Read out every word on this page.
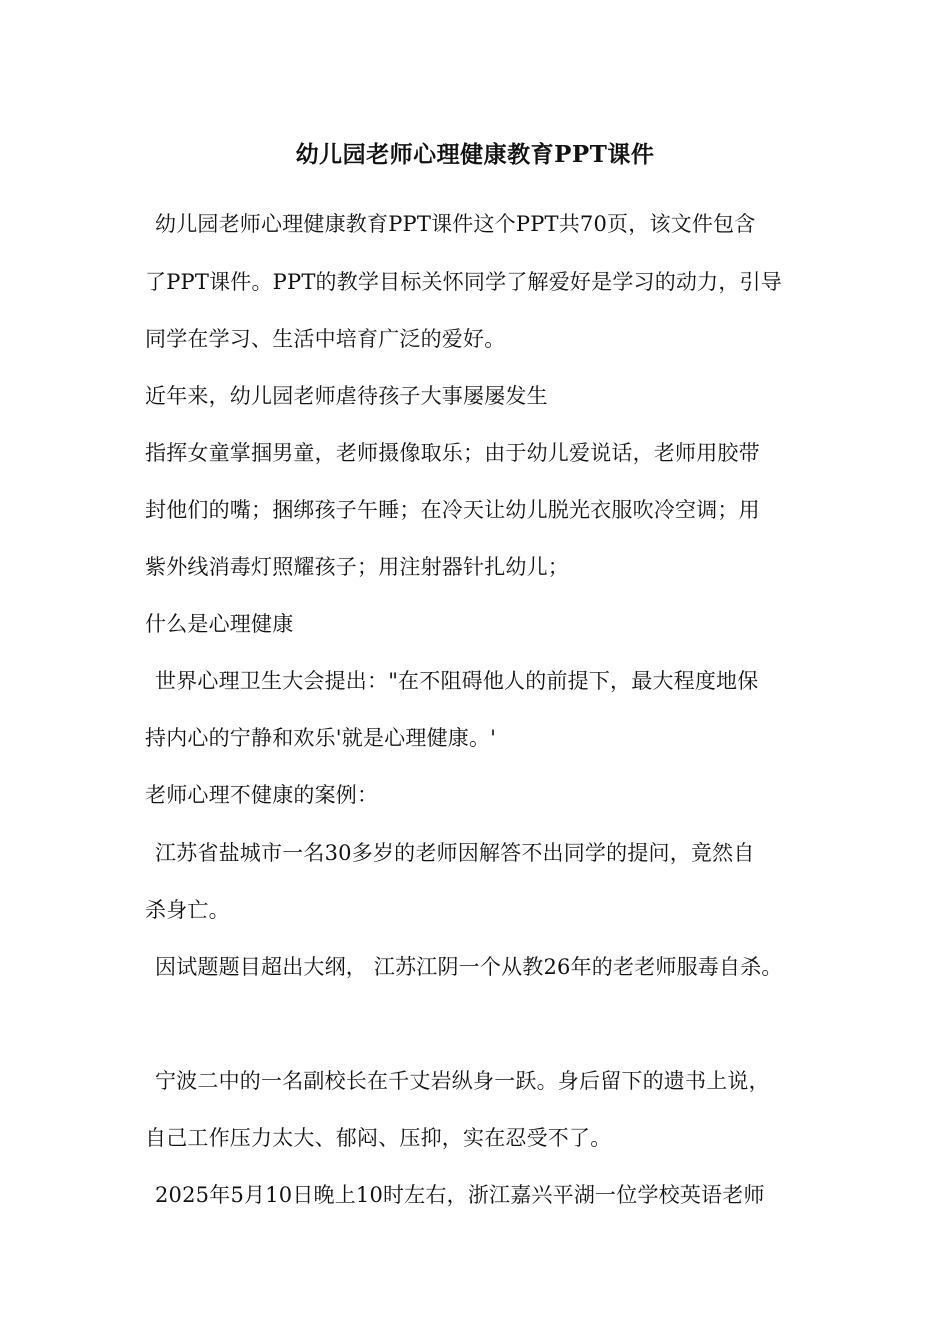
幼儿园老师心理健康教育PPT课件
幼儿园老师心理健康教育PPT课件这个PPT共70页，该文件包含
了PPT课件。PPT的教学目标关怀同学了解爱好是学习的动力，引导
同学在学习、生活中培育广泛的爱好。
近年来，幼儿园老师虐待孩子大事屡屡发生
指挥女童掌掴男童，老师摄像取乐；由于幼儿爱说话，老师用胶带
封他们的嘴；捆绑孩子午睡；在冷天让幼儿脱光衣服吹冷空调；用
紫外线消毒灯照耀孩子；用注射器针扎幼儿；
什么是心理健康
世界心理卫生大会提出："在不阻碍他人的前提下，最大程度地保
持内心的宁静和欢乐'就是心理健康。'
老师心理不健康的案例：
江苏省盐城市一名30多岁的老师因解答不出同学的提问，竟然自
杀身亡。
因试题题目超出大纲， 江苏江阴一个从教26年的老老师服毒自杀。
宁波二中的一名副校长在千丈岩纵身一跃。身后留下的遗书上说，
自己工作压力太大、郁闷、压抑，实在忍受不了。
2025年5月10日晚上10时左右，浙江嘉兴平湖一位学校英语老师
